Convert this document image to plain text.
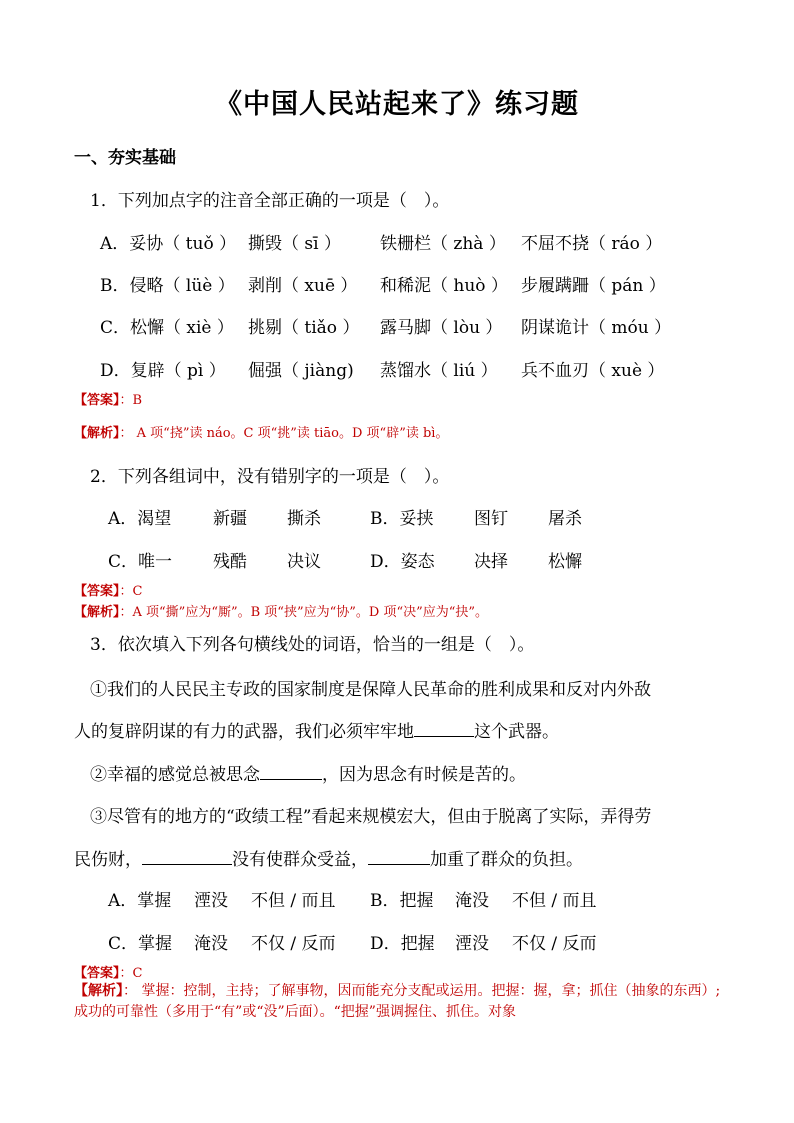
《中国人民站起来了》练习题
一、夯实基础
1．下列加点字的注音全部正确的一项是（　）。
A．妥协（ tuǒ ） 撕毁（ sī ） 铁栅栏（ zhà ） 不屈不挠（ ráo ）
B．侵略（ lüè ） 剥削（ xuē ） 和稀泥（ huò ） 步履蹒跚（ pán ）
C．松懈（ xiè ） 挑剔（ tiǎo ） 露马脚（ lòu ） 阴谋诡计（ móu ）
D．复辟（ pì ） 倔强（ jiàng) 蒸馏水（ liú ） 兵不血刃（ xuè ）
【答案】：B
【解析】： A 项“挠”读 náo。C 项“挑”读 tiāo。D 项“辟”读 bì。
2．下列各组词中，没有错别字的一项是（　）。
A．渴望 新疆 撕杀	B．妥挟 图钉 屠杀
C．唯一 残酷 决议	D．姿态 决择 松懈
【答案】：C
【解析】：A 项“撕”应为“厮”。B 项“挟”应为“协”。D 项“决”应为“抉”。
3．依次填入下列各句横线处的词语，恰当的一组是（　）。
①我们的人民民主专政的国家制度是保障人民革命的胜利成果和反对内外敌
人的复辟阴谋的有力的武器，我们必须牢牢地	这个武器。
②幸福的感觉总被思念	，因为思念有时候是苦的。
③尽管有的地方的“政绩工程”看起来规模宏大，但由于脱离了实际，弄得劳
民伤财，	没有使群众受益，	加重了群众的负担。
A．掌握 湮没 不但 / 而且 B．把握 淹没 不但 / 而且
C．掌握 淹没 不仅 / 反而 D．把握 湮没 不仅 / 反而
【答案】：C
【解析】： 掌握：控制，主持；了解事物，因而能充分支配或运用。把握：握，拿；抓住（抽象的东西）;成功的可靠性（多用于“有”或“没”后面）。“把握”强调握住、抓住。对象
